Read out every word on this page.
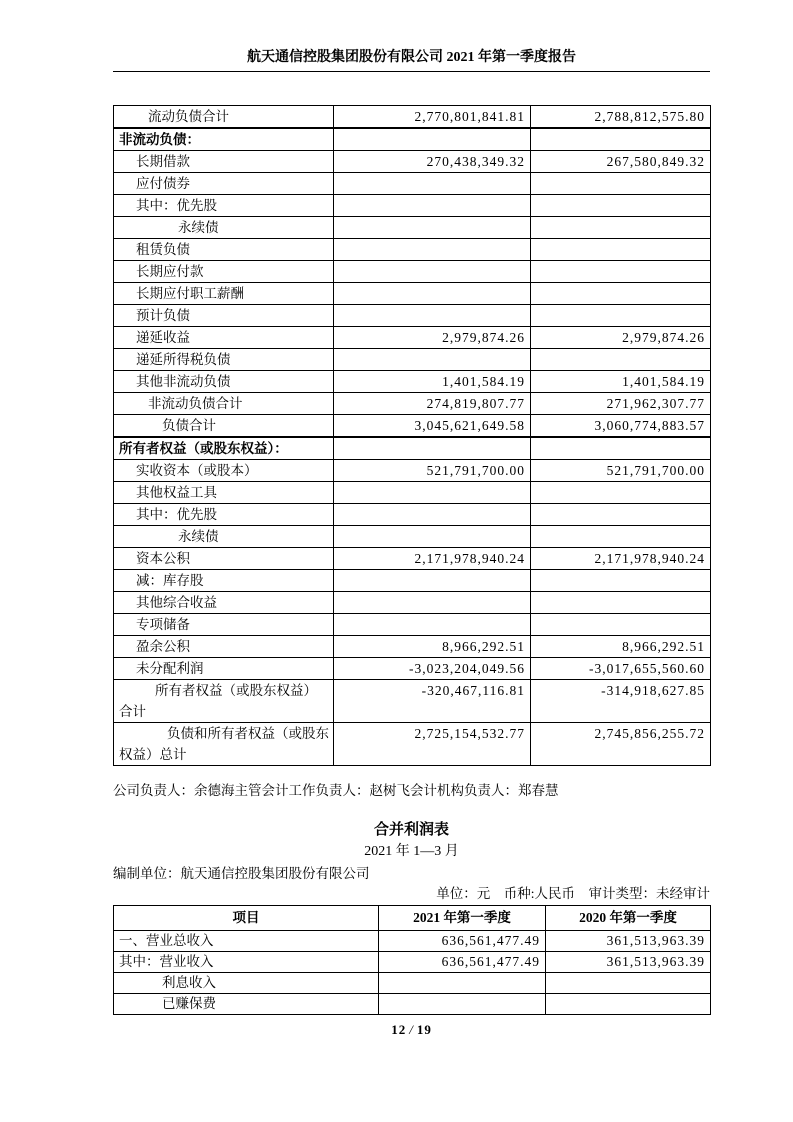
航天通信控股集团股份有限公司 2021 年第一季度报告
流动负债合计	2,770,801,841.81	2,788,812,575.80
非流动负债：		
长期借款	270,438,349.32	267,580,849.32
应付债券		
其中：优先股		
永续债		
租赁负债		
长期应付款		
长期应付职工薪酬		
预计负债		
递延收益	2,979,874.26	2,979,874.26
递延所得税负债		
其他非流动负债	1,401,584.19	1,401,584.19
非流动负债合计	274,819,807.77	271,962,307.77
负债合计	3,045,621,649.58	3,060,774,883.57
所有者权益（或股东权益）：		
实收资本（或股本）	521,791,700.00	521,791,700.00
其他权益工具		
其中：优先股		
永续债		
资本公积	2,171,978,940.24	2,171,978,940.24
减：库存股		
其他综合收益		
专项储备		
盈余公积	8,966,292.51	8,966,292.51
未分配利润	-3,023,204,049.56	-3,017,655,560.60
所有者权益（或股东权益）合计	-320,467,116.81	-314,918,627.85
负债和所有者权益（或股东权益）总计	2,725,154,532.77	2,745,856,255.72
公司负责人：余德海主管会计工作负责人：赵树飞会计机构负责人：郑春慧
合并利润表
2021 年 1—3 月
编制单位：航天通信控股集团股份有限公司
单位：元　币种:人民币　审计类型：未经审计
项目	2021 年第一季度	2020 年第一季度
一、营业总收入	636,561,477.49	361,513,963.39
其中：营业收入	636,561,477.49	361,513,963.39
利息收入		
已赚保费		
12 / 19
